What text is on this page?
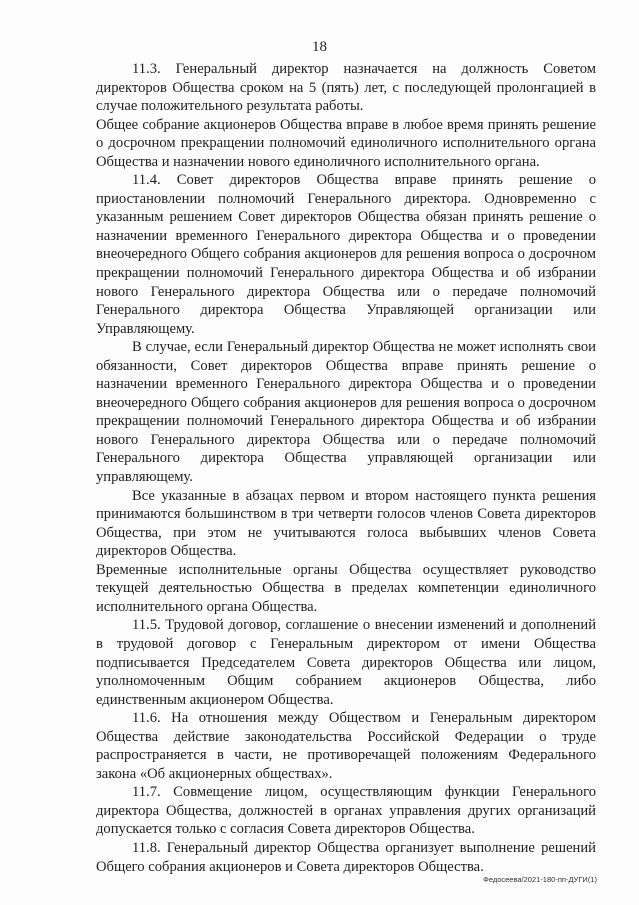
18

11.3. Генеральный директор назначается на должность Советом директоров Общества сроком на 5 (пять) лет, с последующей пролонгацией в случае положительного результата работы.

Общее собрание акционеров Общества вправе в любое время принять решение о досрочном прекращении полномочий единоличного исполнительного органа Общества и назначении нового единоличного исполнительного органа.

11.4. Совет директоров Общества вправе принять решение о приостановлении полномочий Генерального директора. Одновременно с указанным решением Совет директоров Общества обязан принять решение о назначении временного Генерального директора Общества и о проведении внеочередного Общего собрания акционеров для решения вопроса о досрочном прекращении полномочий Генерального директора Общества и об избрании нового Генерального директора Общества или о передаче полномочий Генерального директора Общества Управляющей организации или Управляющему.

В случае, если Генеральный директор Общества не может исполнять свои обязанности, Совет директоров Общества вправе принять решение о назначении временного Генерального директора Общества и о проведении внеочередного Общего собрания акционеров для решения вопроса о досрочном прекращении полномочий Генерального директора Общества и об избрании нового Генерального директора Общества или о передаче полномочий Генерального директора Общества управляющей организации или управляющему.

Все указанные в абзацах первом и втором настоящего пункта решения принимаются большинством в три четверти голосов членов Совета директоров Общества, при этом не учитываются голоса выбывших членов Совета директоров Общества.

Временные исполнительные органы Общества осуществляет руководство текущей деятельностью Общества в пределах компетенции единоличного исполнительного органа Общества.

11.5. Трудовой договор, соглашение о внесении изменений и дополнений в трудовой договор с Генеральным директором от имени Общества подписывается Председателем Совета директоров Общества или лицом, уполномоченным Общим собранием акционеров Общества, либо единственным акционером Общества.

11.6. На отношения между Обществом и Генеральным директором Общества действие законодательства Российской Федерации о труде распространяется в части, не противоречащей положениям Федерального закона «Об акционерных обществах».

11.7. Совмещение лицом, осуществляющим функции Генерального директора Общества, должностей в органах управления других организаций допускается только с согласия Совета директоров Общества.

11.8. Генеральный директор Общества организует выполнение решений Общего собрания акционеров и Совета директоров Общества.

Федосеева/2021-180-пп-ДУГИ(1)
